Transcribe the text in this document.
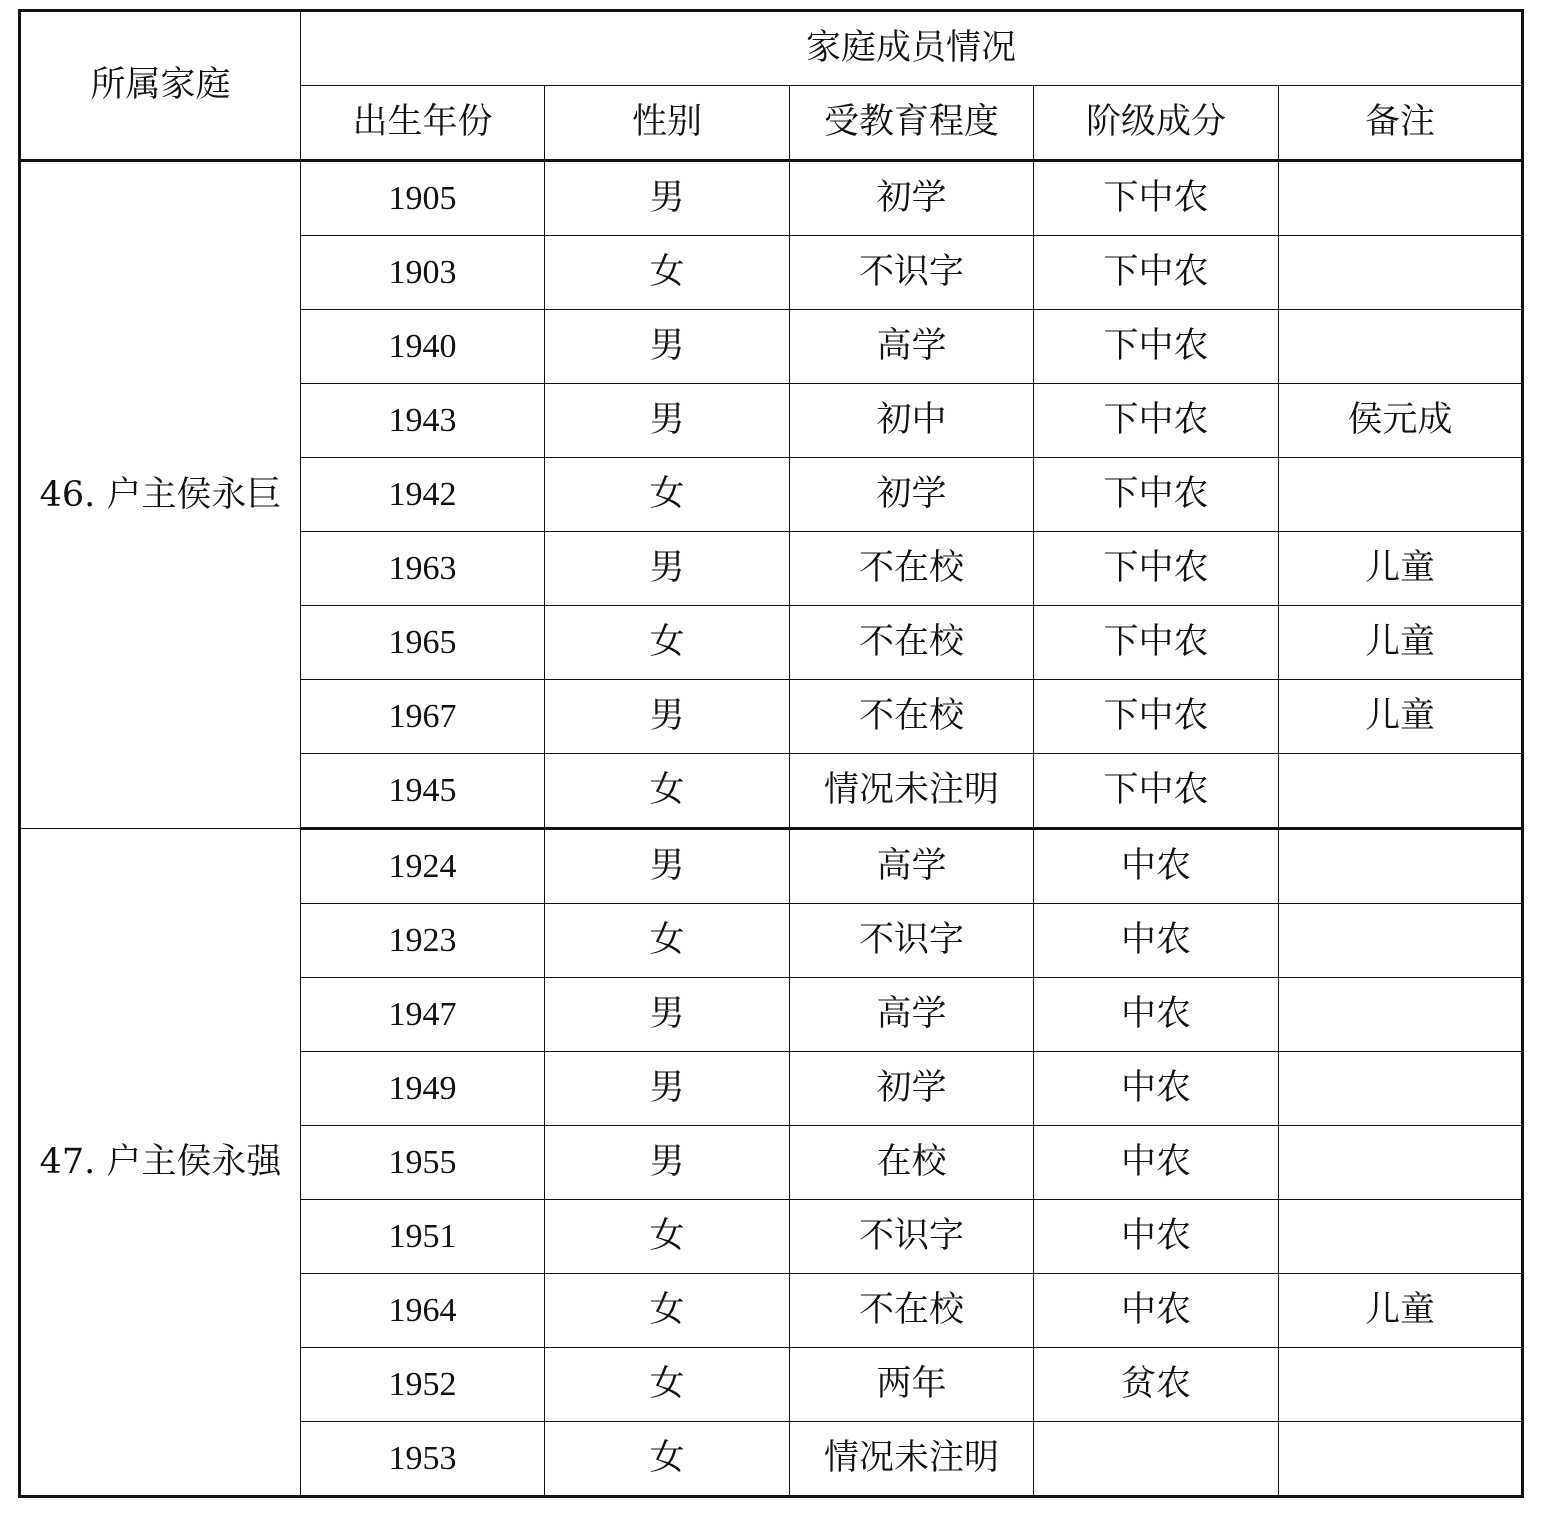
所属家庭	家庭成员情况				
	出生年份	性别	受教育程度	阶级成分	备注
46. 户主侯永巨	1905	男	初学	下中农	
	1903	女	不识字	下中农	
	1940	男	高学	下中农	
	1943	男	初中	下中农	侯元成
	1942	女	初学	下中农	
	1963	男	不在校	下中农	儿童
	1965	女	不在校	下中农	儿童
	1967	男	不在校	下中农	儿童
	1945	女	情况未注明	下中农	
47. 户主侯永强	1924	男	高学	中农	
	1923	女	不识字	中农	
	1947	男	高学	中农	
	1949	男	初学	中农	
	1955	男	在校	中农	
	1951	女	不识字	中农	
	1964	女	不在校	中农	儿童
	1952	女	两年	贫农	
	1953	女	情况未注明		
